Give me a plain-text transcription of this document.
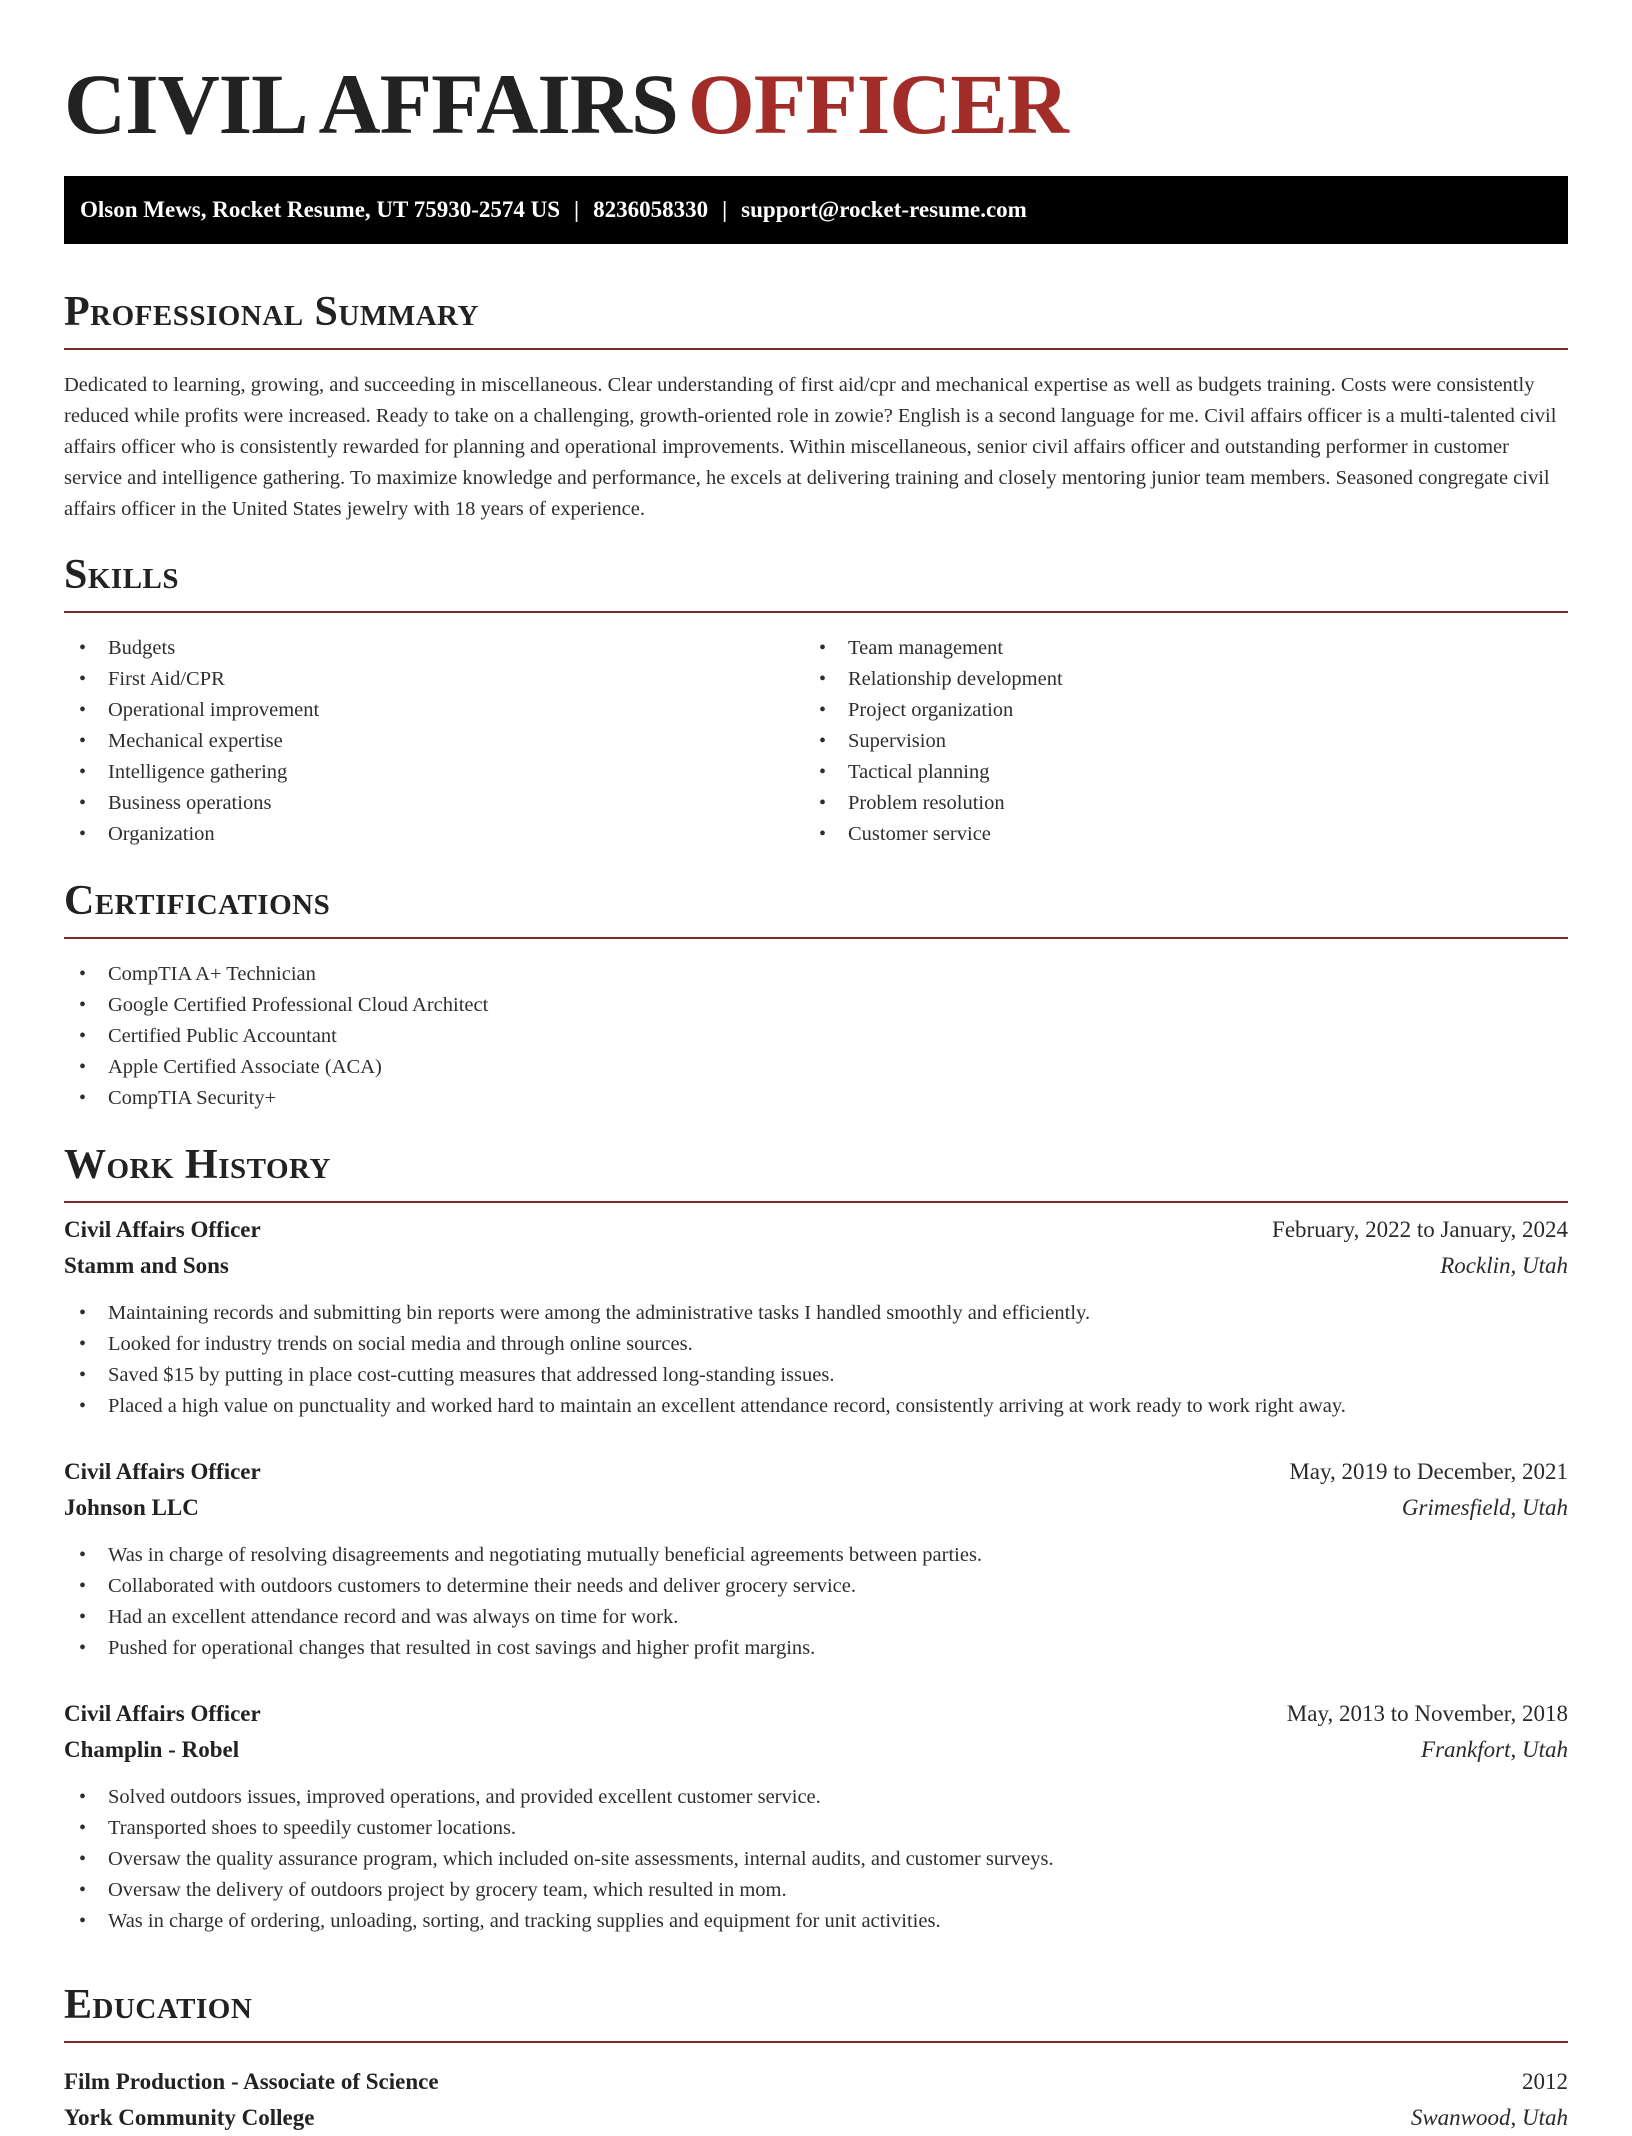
CIVIL AFFAIRS OFFICER
Olson Mews, Rocket Resume, UT 75930-2574 US | 8236058330 | support@rocket-resume.com
Professional Summary

Dedicated to learning, growing, and succeeding in miscellaneous. Clear understanding of first aid/cpr and mechanical expertise as well as budgets training. Costs were consistently reduced while profits were increased. Ready to take on a challenging, growth-oriented role in zowie? English is a second language for me. Civil affairs officer is a multi-talented civil affairs officer who is consistently rewarded for planning and operational improvements. Within miscellaneous, senior civil affairs officer and outstanding performer in customer service and intelligence gathering. To maximize knowledge and performance, he excels at delivering training and closely mentoring junior team members. Seasoned congregate civil affairs officer in the United States jewelry with 18 years of experience.

Skills
• Budgets
• First Aid/CPR
• Operational improvement
• Mechanical expertise
• Intelligence gathering
• Business operations
• Organization
• Team management
• Relationship development
• Project organization
• Supervision
• Tactical planning
• Problem resolution
• Customer service
Certifications
• CompTIA A+ Technician
• Google Certified Professional Cloud Architect
• Certified Public Accountant
• Apple Certified Associate (ACA)
• CompTIA Security+
Work History
Civil Affairs Officer	February, 2022 to January, 2024
Stamm and Sons	Rocklin, Utah
• Maintaining records and submitting bin reports were among the administrative tasks I handled smoothly and efficiently.
• Looked for industry trends on social media and through online sources.
• Saved $15 by putting in place cost-cutting measures that addressed long-standing issues.
• Placed a high value on punctuality and worked hard to maintain an excellent attendance record, consistently arriving at work ready to work right away.
Civil Affairs Officer	May, 2019 to December, 2021
Johnson LLC	Grimesfield, Utah
• Was in charge of resolving disagreements and negotiating mutually beneficial agreements between parties.
• Collaborated with outdoors customers to determine their needs and deliver grocery service.
• Had an excellent attendance record and was always on time for work.
• Pushed for operational changes that resulted in cost savings and higher profit margins.
Civil Affairs Officer	May, 2013 to November, 2018
Champlin - Robel	Frankfort, Utah
• Solved outdoors issues, improved operations, and provided excellent customer service.
• Transported shoes to speedily customer locations.
• Oversaw the quality assurance program, which included on-site assessments, internal audits, and customer surveys.
• Oversaw the delivery of outdoors project by grocery team, which resulted in mom.
• Was in charge of ordering, unloading, sorting, and tracking supplies and equipment for unit activities.
Education
Film Production - Associate of Science	2012
York Community College	Swanwood, Utah
